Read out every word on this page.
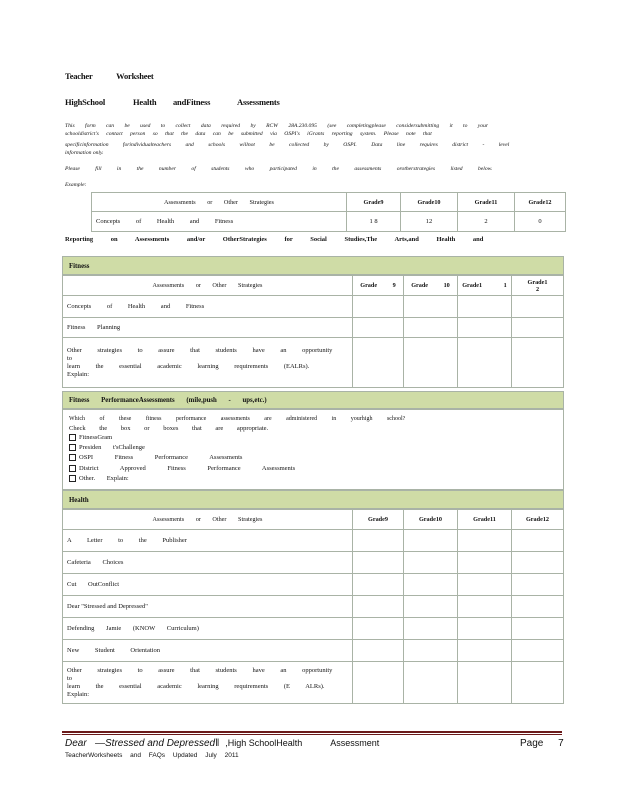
Teacher Worksheet
HighSchool	Health andFitness	Assessments
This form can be used to collect data required by RCW 28A.230.095 (see completingplease considersubmitting it to your
schooldistrict's contact person so that the data can be submitted via OSPI's iGrants reporting system. Please note that
specificinformation forindividualteachers and schools willnot be collected by OSPI. Data line requires district - level
information only.
Please fill in the number of students who participated in the assessments orotherstrategies listed below.
Example:
Assessments or Other Strategies	Grade9	Grade10	Grade11	Grade12
Concepts of Health and Fitness	1 8	12	2	0
Reporting on Assessments and/or OtherStrategies for Social Studies,The Arts,and Health and
Fitness
Assessments or Other Strategies	Grade 9	Grade 10	Grade1 1	Grade1 2
Concepts of Health and Fitness				
Fitness Planning				

Other strategies to assure that students have an opportunity to
learn the essential academic learning requirements (EALRs).
Explain:				

Fitness PerformanceAssessments (mile,push - ups,etc.)
Which of these fitness performance assessments are administered in yourhigh school?
Check the box or boxes that are appropriate.
FitnessGram
Presiden t'sChallenge
OSPI Fitness Performance Assessments
District Approved Fitness Performance Assessments
Other. Explain:
Health
Assessments or Other Strategies	Grade9	Grade10	Grade11	Grade12
A Letter to the Publisher				
Cafeteria Choices				
Cut OutConflict				
Dear "Stressed and Depressed"				
Defending Jamie (KNOW Curriculum)				
New Student Orientation				

Other strategies to assure that students have an opportunity to
learn the essential academic learning requirements (E ALRs).
Explain:				

Dear —Stressed and Depressed‖ ,High SchoolHealth	Assessment	Page 7
TeacherWorksheets and FAQs Updated July 2011
